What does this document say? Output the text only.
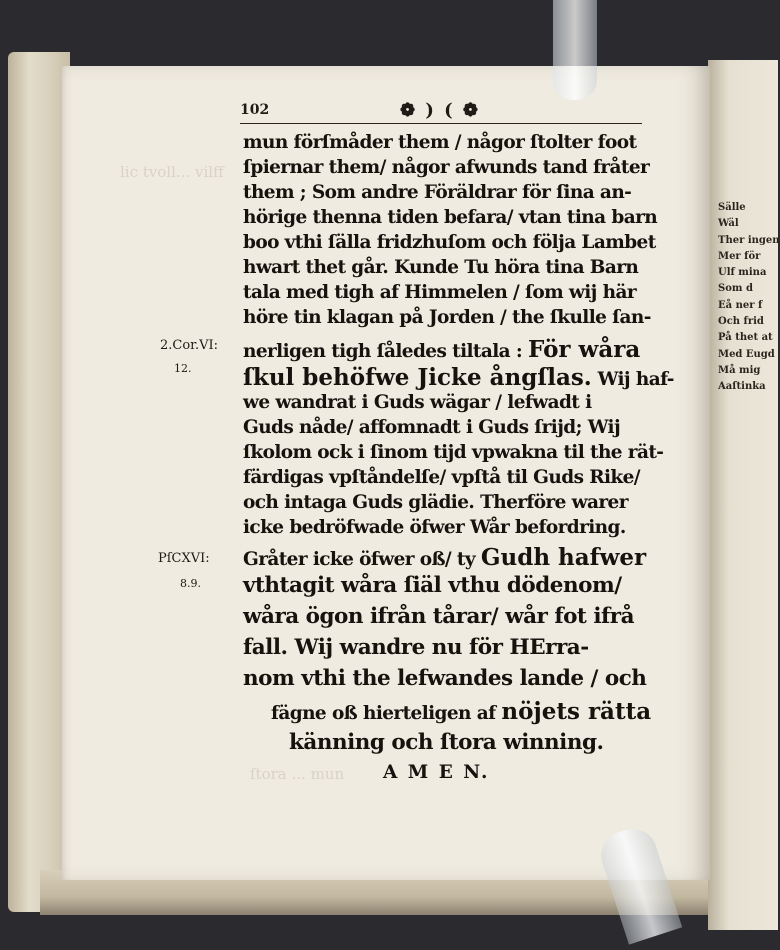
Sälle
Wäl
Ther ingen
Mer för
Ulf mina
Som d
Eå ner f
Och frid
På thet at
Med Eugd
Må mig
Aaſtinka
lic tvoll... vilff
ſtora ... mun
102	❁ ) ( ❁
2.Cor.VI:
12.
PſCXVI:
8.9.
mun förſmåder them / någor ſtolter foot
ſpiernar them/ någor afwunds tand fråter
them ; Som andre Föräldrar för ſina an-
hörige thenna tiden befara/ vtan tina barn
boo vthi ſälla fridzhuſom och följa Lambet
hwart thet går. Kunde Tu höra tina Barn
tala med tigh af Himmelen / ſom wij här
höre tin klagan på Jorden / the ſkulle ſan-
nerligen tigh ſåledes tiltala : För wåra
ſkul behöfwe Jicke ångſlas. Wij haf-
we wandrat i Guds wägar / lefwadt i
Guds nåde/ affomnadt i Guds ſrijd; Wij
ſkolom ock i ſinom tijd vpwakna til the rät-
färdigas vpſtåndelſe/ vpſtå til Guds Rike/
och intaga Guds glädie. Therföre warer
icke bedröfwade öfwer Wår befordring.
Gråter icke öfwer oß/ ty Gudh hafwer
vthtagit wåra ſiäl vthu dödenom/
wåra ögon ifrån tårar/ wår fot ifrå
fall. Wij wandre nu för HErra-
nom vthi the lefwandes lande / och
fägne oß hierteligen af nöjets rätta
känning och ſtora winning.
A M E N.
